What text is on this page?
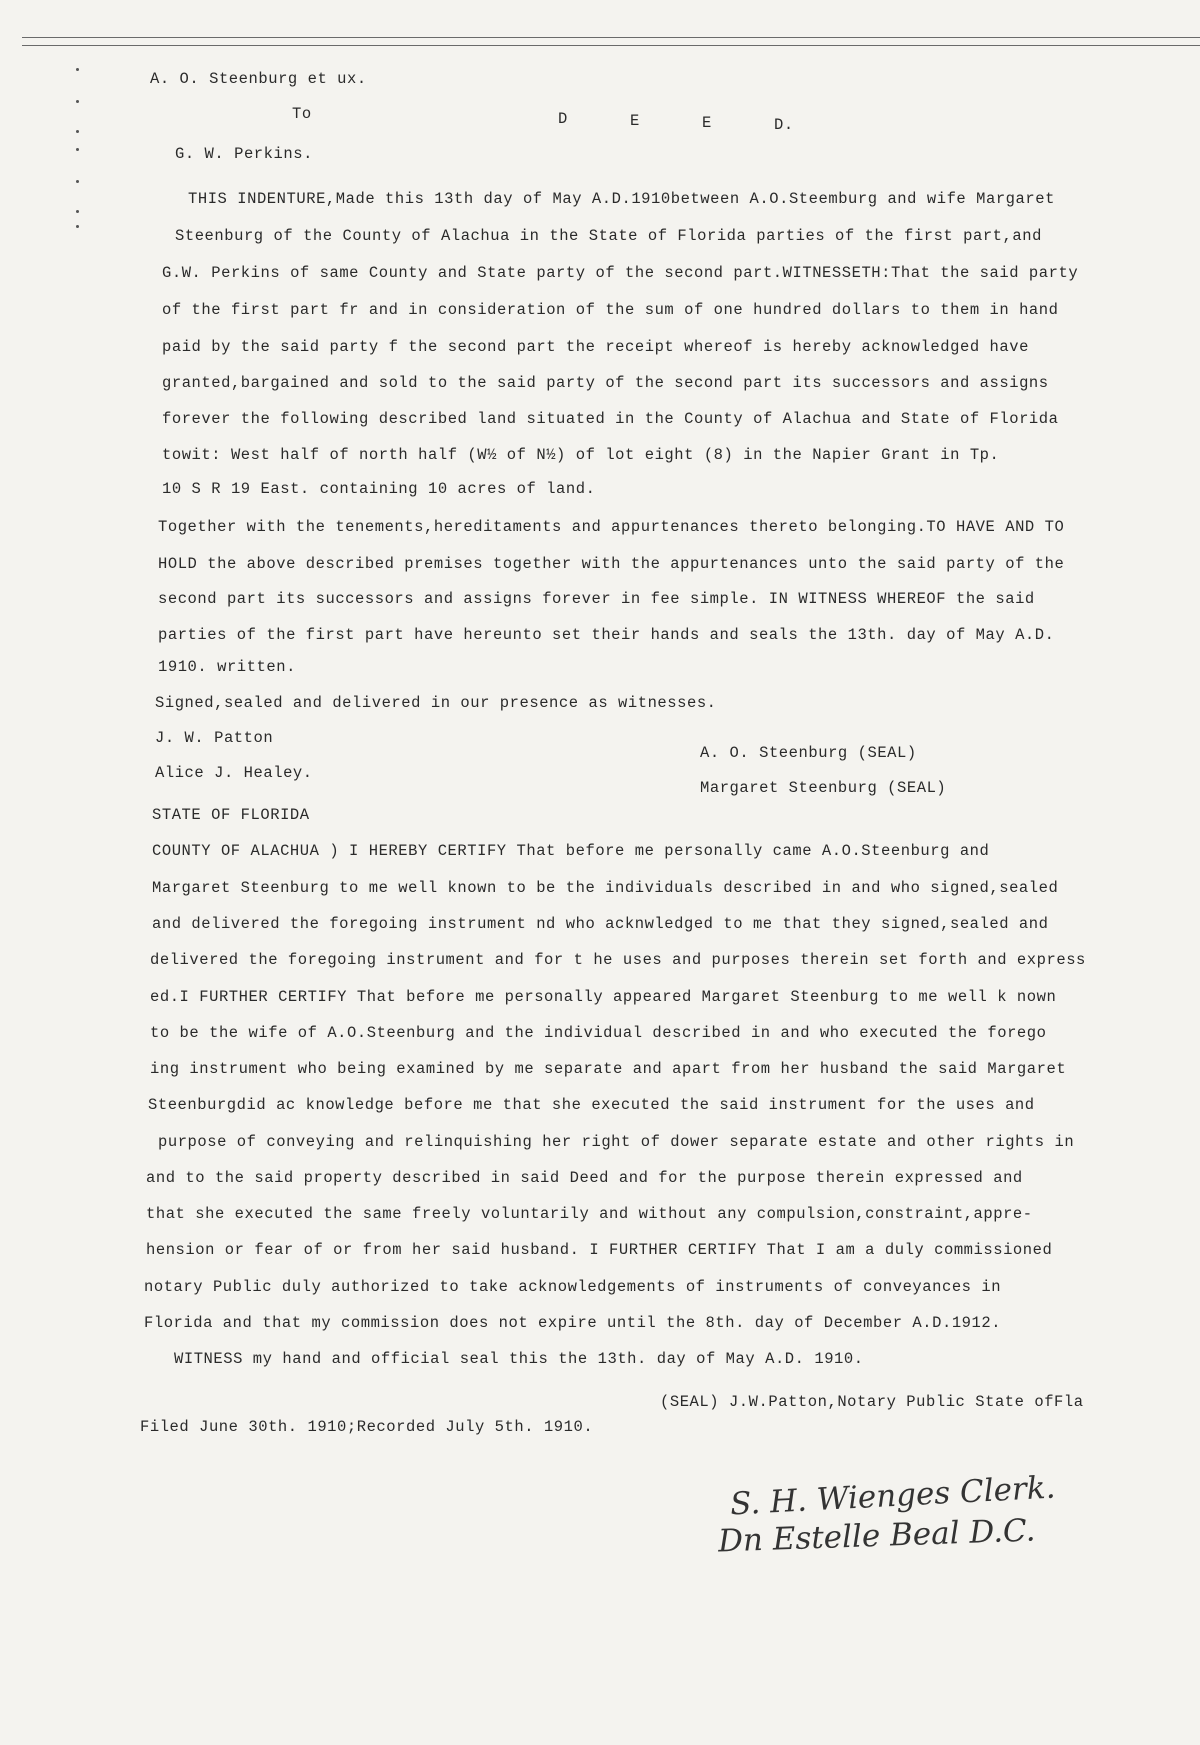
A. O. Steenburg et ux.
To	D	E	E	D.
G. W. Perkins.
THIS INDENTURE,Made this 13th day of May A.D.1910between A.O.Steemburg and wife Margaret
Steenburg of the County of Alachua in the State of Florida parties of the first part,and
G.W. Perkins of same County and State party of the second part.WITNESSETH:That the said party
of the first part fr and in consideration of the sum of one hundred dollars to them in hand
paid by the said party f the second part the receipt whereof is hereby acknowledged have
granted,bargained and sold to the said party of the second part its successors and assigns
forever the following described land situated in the County of Alachua and State of Florida
towit: West half of north half (W½ of N½) of lot eight (8) in the Napier Grant in Tp.
10 S R 19 East. containing 10 acres of land.
Together with the tenements,hereditaments and appurtenances thereto belonging.TO HAVE AND TO
HOLD the above described premises together with the appurtenances unto the said party of the
second part its successors and assigns forever in fee simple. IN WITNESS WHEREOF the said
parties of the first part have hereunto set their hands and seals the 13th. day of May A.D.
1910. written.
Signed,sealed and delivered in our presence as witnesses.
J. W. Patton
Alice J. Healey.
A. O. Steenburg (SEAL)
Margaret Steenburg (SEAL)
STATE OF FLORIDA
COUNTY OF ALACHUA ) I HEREBY CERTIFY That before me personally came A.O.Steenburg and
Margaret Steenburg to me well known to be the individuals described in and who signed,sealed
and delivered the foregoing instrument nd who acknwledged to me that they signed,sealed and
delivered the foregoing instrument and for t he uses and purposes therein set forth and express
ed.I FURTHER CERTIFY That before me personally appeared Margaret Steenburg to me well k nown
to be the wife of A.O.Steenburg and the individual described in and who executed the forego
ing instrument who being examined by me separate and apart from her husband the said Margaret
Steenburgdid ac knowledge before me that she executed the said instrument for the uses and
purpose of conveying and relinquishing her right of dower separate estate and other rights in
and to the said property described in said Deed and for the purpose therein expressed and
that she executed the same freely voluntarily and without any compulsion,constraint,appre-
hension or fear of or from her said husband. I FURTHER CERTIFY That I am a duly commissioned
notary Public duly authorized to take acknowledgements of instruments of conveyances in
Florida and that my commission does not expire until the 8th. day of December A.D.1912.
WITNESS my hand and official seal this the 13th. day of May A.D. 1910.
(SEAL) J.W.Patton,Notary Public State ofFla
Filed June 30th. 1910;Recorded July 5th. 1910.
S. H. Wienges Clerk.
Dn Estelle Beal D.C.
